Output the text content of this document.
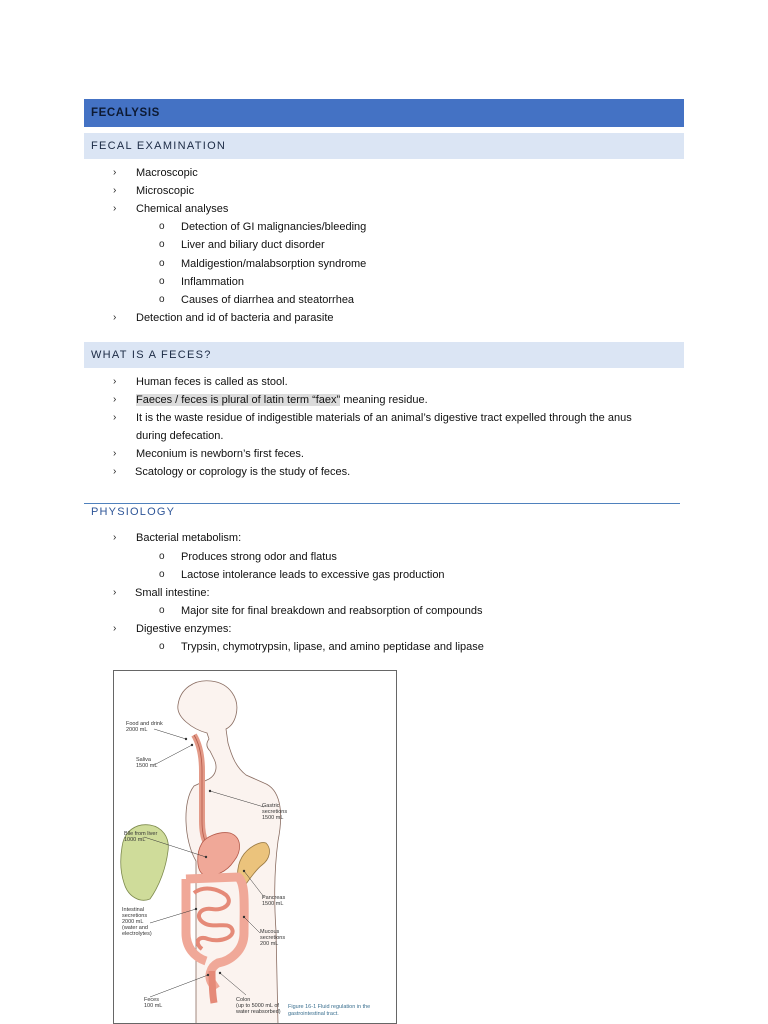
FECALYSIS
FECAL EXAMINATION
› Macroscopic
› Microscopic
› Chemical analyses
o Detection of GI malignancies/bleeding
o Liver and biliary duct disorder
o Maldigestion/malabsorption syndrome
o Inflammation
o Causes of diarrhea and steatorrhea
› Detection and id of bacteria and parasite
WHAT IS A FECES?
› Human feces is called as stool.
› Faeces / feces is plural of latin term “faex” meaning residue.
› It is the waste residue of indigestible materials of an animal’s digestive tract expelled through the anus
during defecation.
› Meconium is newborn’s first feces.
› Scatology or coprology is the study of feces.
PHYSIOLOGY
› Bacterial metabolism:
o Produces strong odor and flatus
o Lactose intolerance leads to excessive gas production
› Small intestine:
o Major site for final breakdown and reabsorption of compounds
› Digestive enzymes:
o Trypsin, chymotrypsin, lipase, and amino peptidase and lipase
Food and drink
2000 mL
Saliva
1500 mL
Gastric
secretions
1500 mL
Bile from liver
1000 mL
Pancreas
1500 mL
Intestinal
secretions
2000 mL
(water and
electrolytes)	Mucous
secretions
200 mL
Feces
100 mL
Colon
(up to 5000 mL of
water reabsorbed)
Figure 16-1 Fluid regulation in the gastrointestinal tract.
